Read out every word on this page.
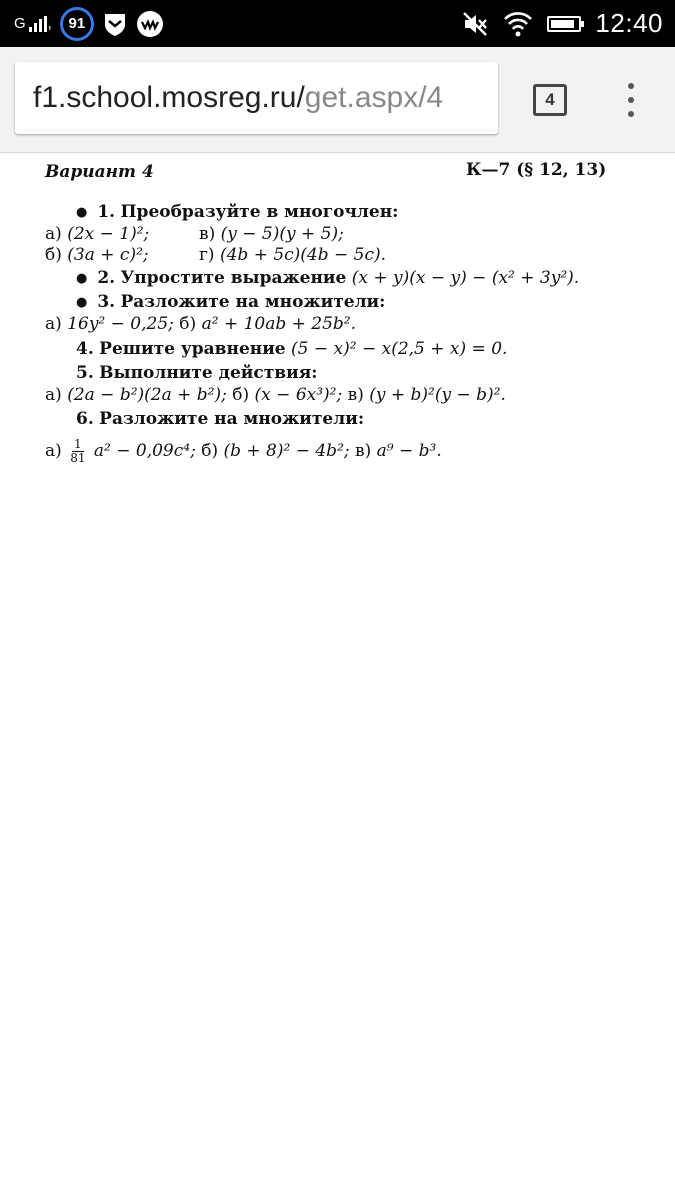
G ,	91	12:40
f1.school.mosreg.ru/ get.aspx/4	4
Вариант 4	К—7 (§ 12, 13)
● 1. Преобразуйте в многочлен:
а) (2x − 1)²;	в) (y − 5)(y + 5);
б) (3a + c)²;	г) (4b + 5c)(4b − 5c).
● 2. Упростите выражение (x + y)(x − y) − (x² + 3y²).
● 3. Разложите на множители:
а) 16y² − 0,25; б) a² + 10ab + 25b².
4. Решите уравнение (5 − x)² − x(2,5 + x) = 0.
5. Выполните действия:
а) (2a − b²)(2a + b²); б) (x − 6x³)²; в) (y + b)²(y − b)².
6. Разложите на множители:
$а) \frac{1}{81} a^2 - 0,09c^4$; б) (b + 8)² − 4b²; в) a⁹ − b³.
